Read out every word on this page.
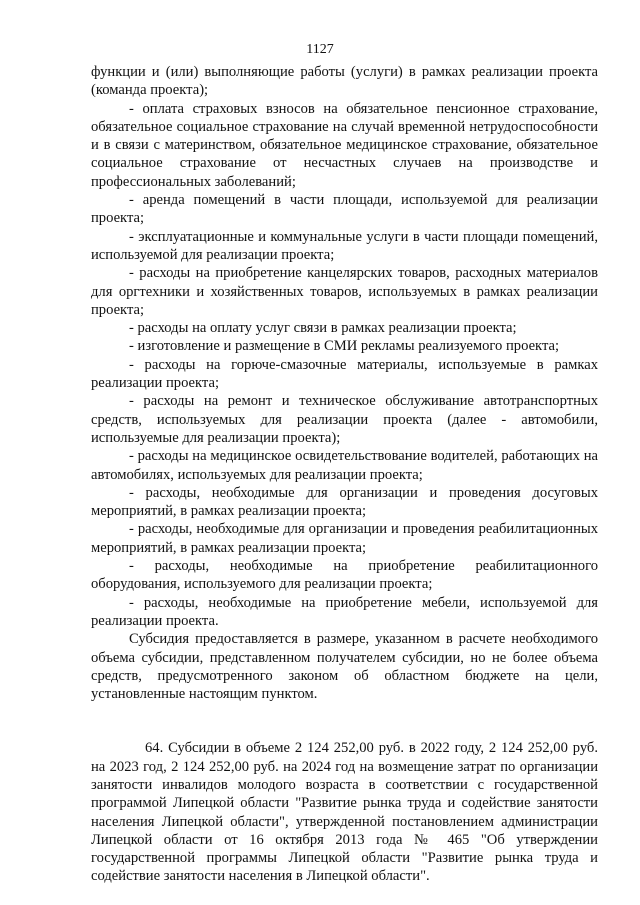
1127

функции и (или) выполняющие работы (услуги) в рамках реализации проекта (команда проекта);

- оплата страховых взносов на обязательное пенсионное страхование, обязательное социальное страхование на случай временной нетрудоспособности и в связи с материнством, обязательное медицинское страхование, обязательное социальное страхование от несчастных случаев на производстве и профессиональных заболеваний;

- аренда помещений в части площади, используемой для реализации проекта;

- эксплуатационные и коммунальные услуги в части площади помещений, используемой для реализации проекта;

- расходы на приобретение канцелярских товаров, расходных материалов для оргтехники и хозяйственных товаров, используемых в рамках реализации проекта;

- расходы на оплату услуг связи в рамках реализации проекта;

- изготовление и размещение в СМИ рекламы реализуемого проекта;

- расходы на горюче-смазочные материалы, используемые в рамках реализации проекта;

- расходы на ремонт и техническое обслуживание автотранспортных средств, используемых для реализации проекта (далее - автомобили, используемые для реализации проекта);

- расходы на медицинское освидетельствование водителей, работающих на автомобилях, используемых для реализации проекта;

- расходы, необходимые для организации и проведения досуговых мероприятий, в рамках реализации проекта;

- расходы, необходимые для организации и проведения реабилитационных мероприятий, в рамках реализации проекта;

- расходы, необходимые на приобретение реабилитационного оборудования, используемого для реализации проекта;

- расходы, необходимые на приобретение мебели, используемой для реализации проекта.

Субсидия предоставляется в размере, указанном в расчете необходимого объема субсидии, представленном получателем субсидии, но не более объема средств, предусмотренного законом об областном бюджете на цели, установленные настоящим пунктом.

64. Субсидии в объеме 2 124 252,00 руб. в 2022 году, 2 124 252,00 руб. на 2023 год, 2 124 252,00 руб. на 2024 год на возмещение затрат по организации занятости инвалидов молодого возраста в соответствии с государственной программой Липецкой области "Развитие рынка труда и содействие занятости населения Липецкой области", утвержденной постановлением администрации Липецкой области от 16 октября 2013 года № 465 "Об утверждении государственной программы Липецкой области "Развитие рынка труда и содействие занятости населения в Липецкой области".
